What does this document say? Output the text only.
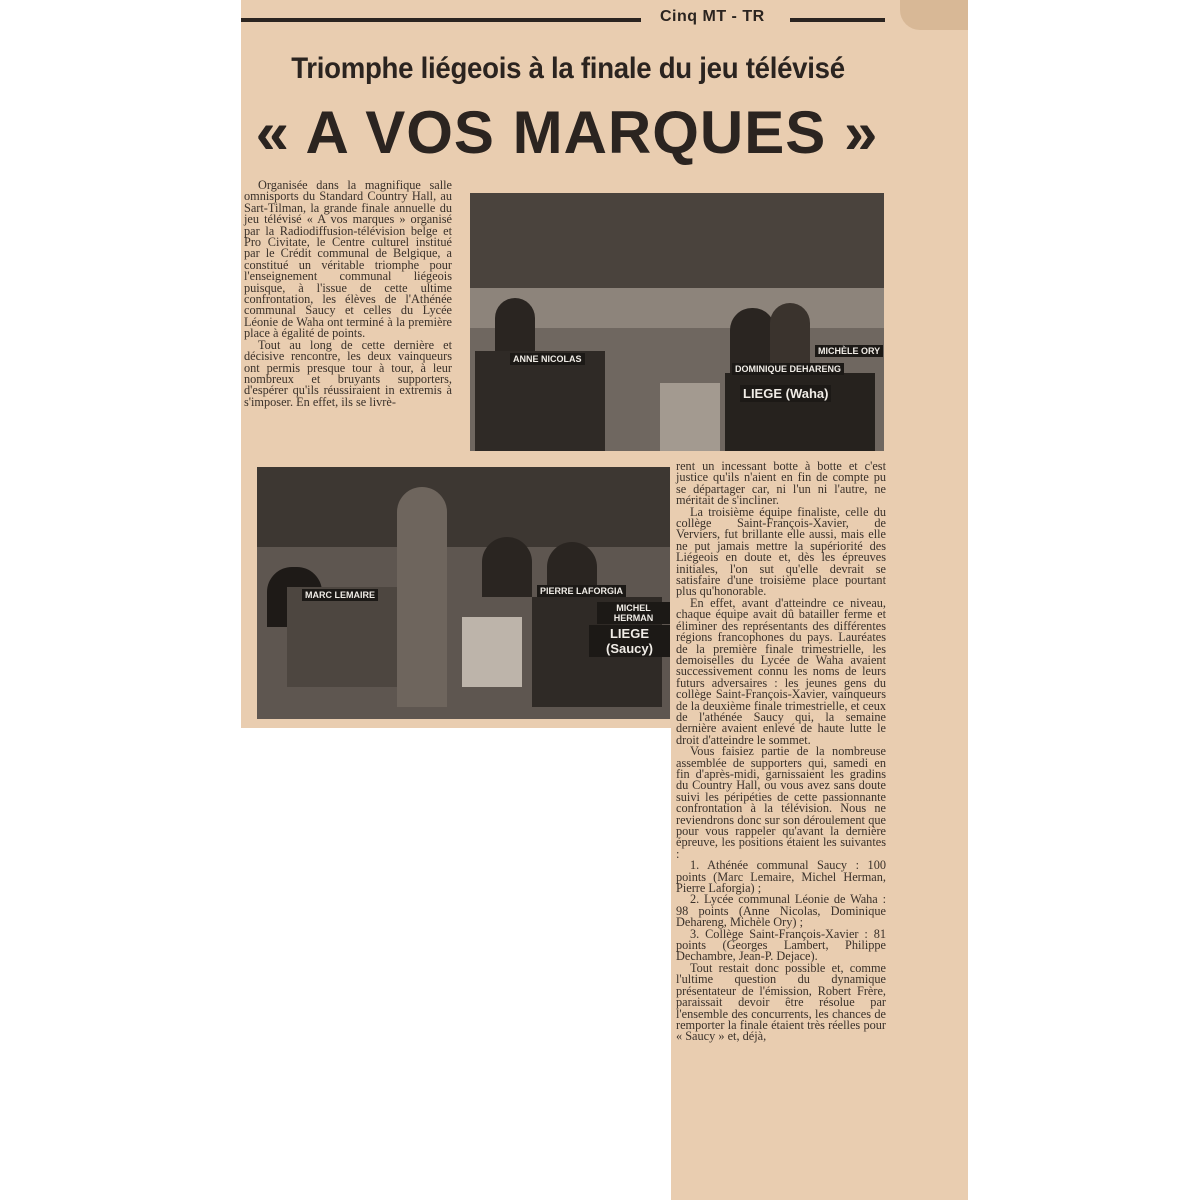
Cinq MT - TR
Triomphe liégeois à la finale du jeu télévisé
« A VOS MARQUES »

Organisée dans la magnifique salle omnisports du Standard Country Hall, au Sart-Tilman, la grande finale annuelle du jeu télévisé « A vos marques » organisé par la Radiodiffusion-télévision belge et Pro Civitate, le Centre culturel institué par le Crédit communal de Belgique, a constitué un véritable triomphe pour l'enseignement communal liégeois puisque, à l'issue de cette ultime confrontation, les élèves de l'Athénée communal Saucy et celles du Lycée Léonie de Waha ont terminé à la première place à égalité de points.

Tout au long de cette dernière et décisive rencontre, les deux vainqueurs ont permis presque tour à tour, à leur nombreux et bruyants supporters, d'espérer qu'ils réussiraient in extremis à s'imposer. En effet, ils se livrè-

ANNE NICOLAS
DOMINIQUE DEHARENG
MICHÈLE ORY
LIEGE (Waha)
MARC LEMAIRE	PIERRE LAFORGIA
MICHEL HERMAN
LIEGE (Saucy)

rent un incessant botte à botte et c'est justice qu'ils n'aient en fin de compte pu se départager car, ni l'un ni l'autre, ne méritait de s'incliner.

La troisième équipe finaliste, celle du collège Saint-François-Xavier, de Verviers, fut brillante elle aussi, mais elle ne put jamais mettre la supériorité des Liégeois en doute et, dès les épreuves initiales, l'on sut qu'elle devrait se satisfaire d'une troisième place pourtant plus qu'honorable.

En effet, avant d'atteindre ce niveau, chaque équipe avait dû batailler ferme et éliminer des représentants des différentes régions francophones du pays. Lauréates de la première finale trimestrielle, les demoiselles du Lycée de Waha avaient successivement connu les noms de leurs futurs adversaires : les jeunes gens du collège Saint-François-Xavier, vainqueurs de la deuxième finale trimestrielle, et ceux de l'athénée Saucy qui, la semaine dernière avaient enlevé de haute lutte le droit d'atteindre le sommet.

Vous faisiez partie de la nombreuse assemblée de supporters qui, samedi en fin d'après-midi, garnissaient les gradins du Country Hall, ou vous avez sans doute suivi les péripéties de cette passionnante confrontation à la télévision. Nous ne reviendrons donc sur son déroulement que pour vous rappeler qu'avant la dernière épreuve, les positions étaient les suivantes :

1. Athénée communal Saucy : 100 points (Marc Lemaire, Michel Herman, Pierre Laforgia) ;

2. Lycée communal Léonie de Waha : 98 points (Anne Nicolas, Dominique Dehareng, Michèle Ory) ;

3. Collège Saint-François-Xavier : 81 points (Georges Lambert, Philippe Dechambre, Jean-P. Dejace).

Tout restait donc possible et, comme l'ultime question du dynamique présentateur de l'émission, Robert Frère, paraissait devoir être résolue par l'ensemble des concurrents, les chances de remporter la finale étaient très réelles pour « Saucy » et, déjà,
